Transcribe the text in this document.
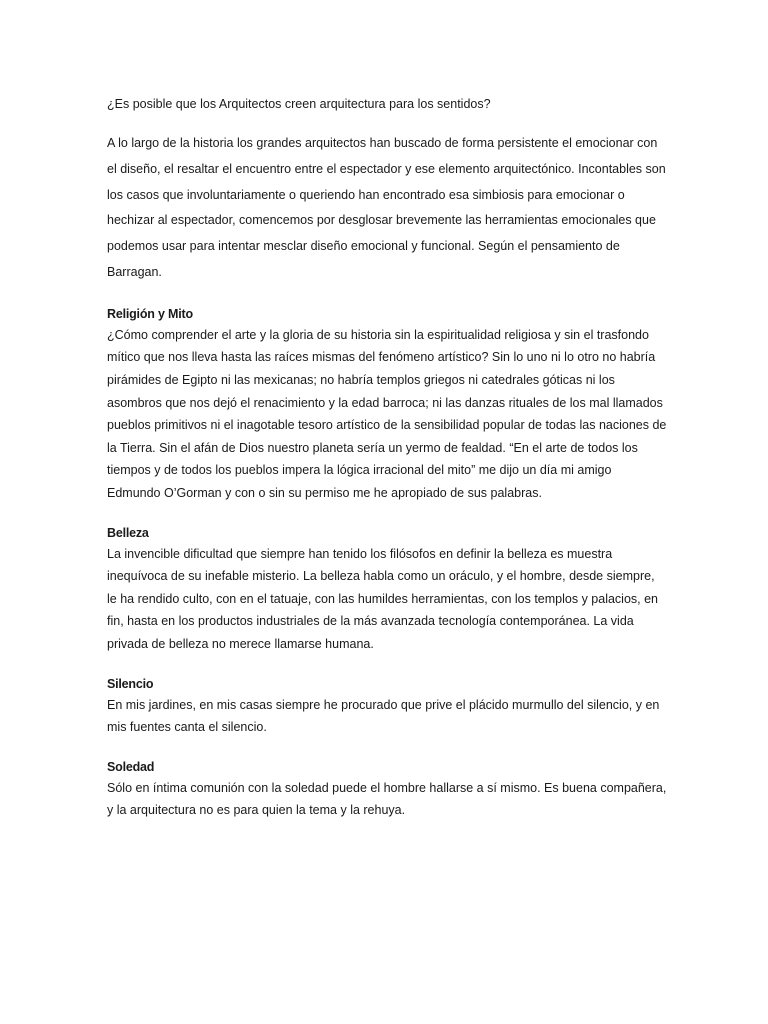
¿Es posible que los Arquitectos creen arquitectura para los sentidos?

A lo largo de la historia los grandes arquitectos han buscado de forma persistente el emocionar con el diseño, el resaltar el encuentro entre el espectador y ese elemento arquitectónico. Incontables son los casos que involuntariamente o queriendo han encontrado esa simbiosis para emocionar o hechizar al espectador, comencemos por desglosar brevemente las herramientas emocionales que podemos usar para intentar mesclar diseño emocional y funcional. Según el pensamiento de Barragan.

Religión y Mito

¿Cómo comprender el arte y la gloria de su historia sin la espiritualidad religiosa y sin el trasfondo mítico que nos lleva hasta las raíces mismas del fenómeno artístico? Sin lo uno ni lo otro no habría pirámides de Egipto ni las mexicanas; no habría templos griegos ni catedrales góticas ni los asombros que nos dejó el renacimiento y la edad barroca; ni las danzas rituales de los mal llamados pueblos primitivos ni el inagotable tesoro artístico de la sensibilidad popular de todas las naciones de la Tierra. Sin el afán de Dios nuestro planeta sería un yermo de fealdad. “En el arte de todos los tiempos y de todos los pueblos impera la lógica irracional del mito” me dijo un día mi amigo Edmundo O’Gorman y con o sin su permiso me he apropiado de sus palabras.

Belleza

La invencible dificultad que siempre han tenido los filósofos en definir la belleza es muestra inequívoca de su inefable misterio. La belleza habla como un oráculo, y el hombre, desde siempre, le ha rendido culto, con en el tatuaje, con las humildes herramientas, con los templos y palacios, en fin, hasta en los productos industriales de la más avanzada tecnología contemporánea. La vida privada de belleza no merece llamarse humana.

Silencio

En mis jardines, en mis casas siempre he procurado que prive el plácido murmullo del silencio, y en mis fuentes canta el silencio.

Soledad

Sólo en íntima comunión con la soledad puede el hombre hallarse a sí mismo. Es buena compañera, y la arquitectura no es para quien la tema y la rehuya.
